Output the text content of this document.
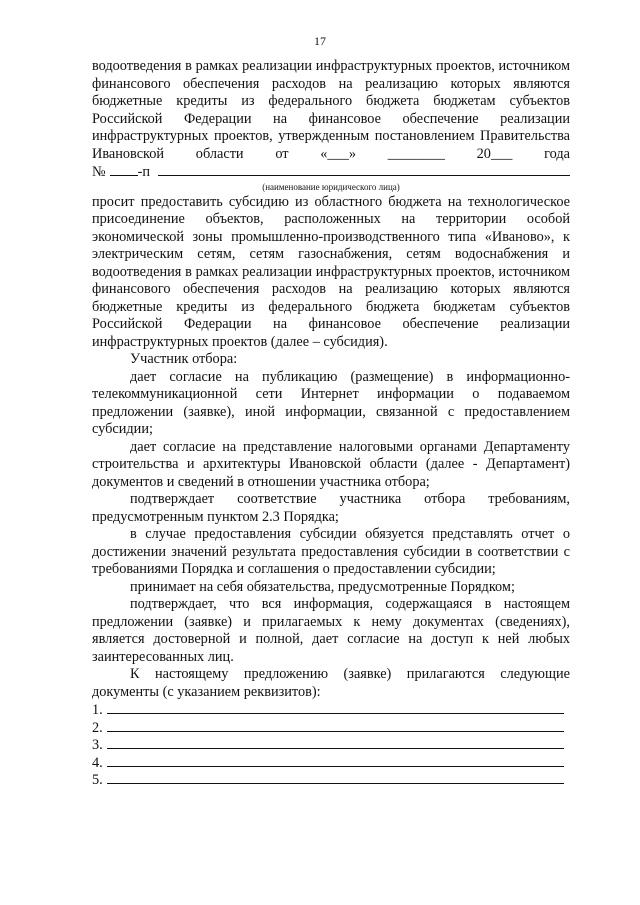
17

водоотведения в рамках реализации инфраструктурных проектов, источником финансового обеспечения расходов на реализацию которых являются бюджетные кредиты из федерального бюджета бюджетам субъектов Российской Федерации на финансовое обеспечение реализации инфраструктурных проектов, утвержденным постановлением Правительства Ивановской области от «___» ________ 20___ года

№ -п
(наименование юридического лица)

просит предоставить субсидию из областного бюджета на технологическое присоединение объектов, расположенных на территории особой экономической зоны промышленно-производственного типа «Иваново», к электрическим сетям, сетям газоснабжения, сетям водоснабжения и водоотведения в рамках реализации инфраструктурных проектов, источником финансового обеспечения расходов на реализацию которых являются бюджетные кредиты из федерального бюджета бюджетам субъектов Российской Федерации на финансовое обеспечение реализации инфраструктурных проектов (далее – субсидия).

Участник отбора:

дает согласие на публикацию (размещение) в информационно-телекоммуникационной сети Интернет информации о подаваемом предложении (заявке), иной информации, связанной с предоставлением субсидии;

дает согласие на представление налоговыми органами Департаменту строительства и архитектуры Ивановской области (далее - Департамент) документов и сведений в отношении участника отбора;

подтверждает соответствие участника отбора требованиям, предусмотренным пунктом 2.3 Порядка;

в случае предоставления субсидии обязуется представлять отчет о достижении значений результата предоставления субсидии в соответствии с требованиями Порядка и соглашения о предоставлении субсидии;

принимает на себя обязательства, предусмотренные Порядком;

подтверждает, что вся информация, содержащаяся в настоящем предложении (заявке) и прилагаемых к нему документах (сведениях), является достоверной и полной, дает согласие на доступ к ней любых заинтересованных лиц.

К настоящему предложению (заявке) прилагаются следующие документы (с указанием реквизитов):

1.
2.
3.
4.
5.
